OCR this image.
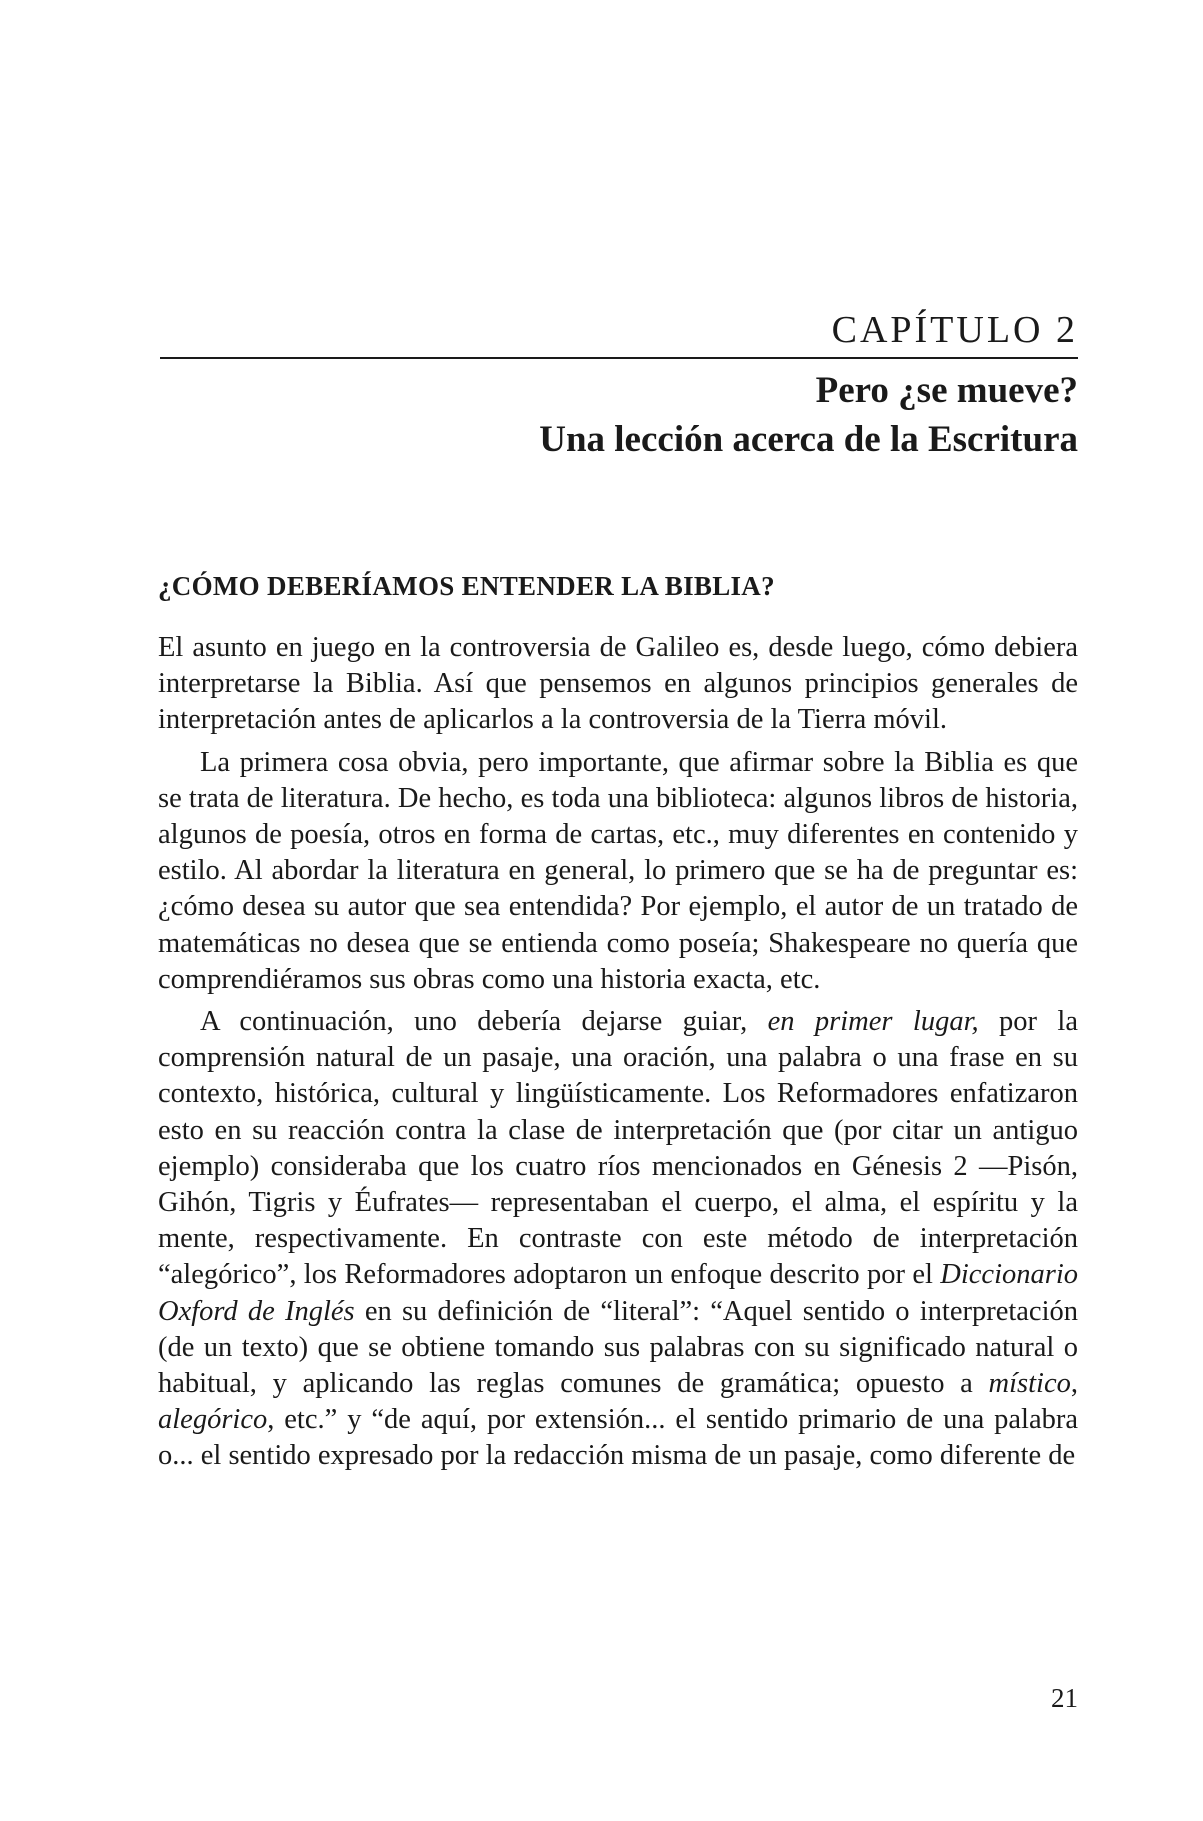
CAPÍTULO 2
Pero ¿se mueve?
Una lección acerca de la Escritura
¿CÓMO DEBERÍAMOS ENTENDER LA BIBLIA?

El asunto en juego en la controversia de Galileo es, desde luego, cómo debiera interpretarse la Biblia. Así que pensemos en algunos principios generales de interpretación antes de aplicarlos a la controversia de la Tierra móvil.

La primera cosa obvia, pero importante, que afirmar sobre la Biblia es que se trata de literatura. De hecho, es toda una biblioteca: algunos libros de historia, algunos de poesía, otros en forma de cartas, etc., muy diferentes en contenido y estilo. Al abordar la literatura en general, lo primero que se ha de preguntar es: ¿cómo desea su autor que sea entendida? Por ejemplo, el autor de un tratado de matemáticas no desea que se entienda como poseía; Shakespeare no quería que comprendiéramos sus obras como una historia exacta, etc.

A continuación, uno debería dejarse guiar, en primer lugar, por la comprensión natural de un pasaje, una oración, una palabra o una frase en su contexto, histórica, cultural y lingüísticamente. Los Reformadores enfatizaron esto en su reacción contra la clase de interpretación que (por citar un antiguo ejemplo) consideraba que los cuatro ríos mencionados en Génesis 2 —Pisón, Gihón, Tigris y Éufrates— representaban el cuerpo, el alma, el espíritu y la mente, respectivamente. En contraste con este método de interpretación “alegórico”, los Reformadores adoptaron un enfoque descrito por el Diccionario Oxford de Inglés en su definición de “literal”: “Aquel sentido o interpretación (de un texto) que se obtiene tomando sus palabras con su significado natural o habitual, y aplicando las reglas comunes de gramática; opuesto a místico, alegórico, etc.” y “de aquí, por extensión... el sentido primario de una palabra o... el sentido expresado por la redacción misma de un pasaje, como diferente de

21
